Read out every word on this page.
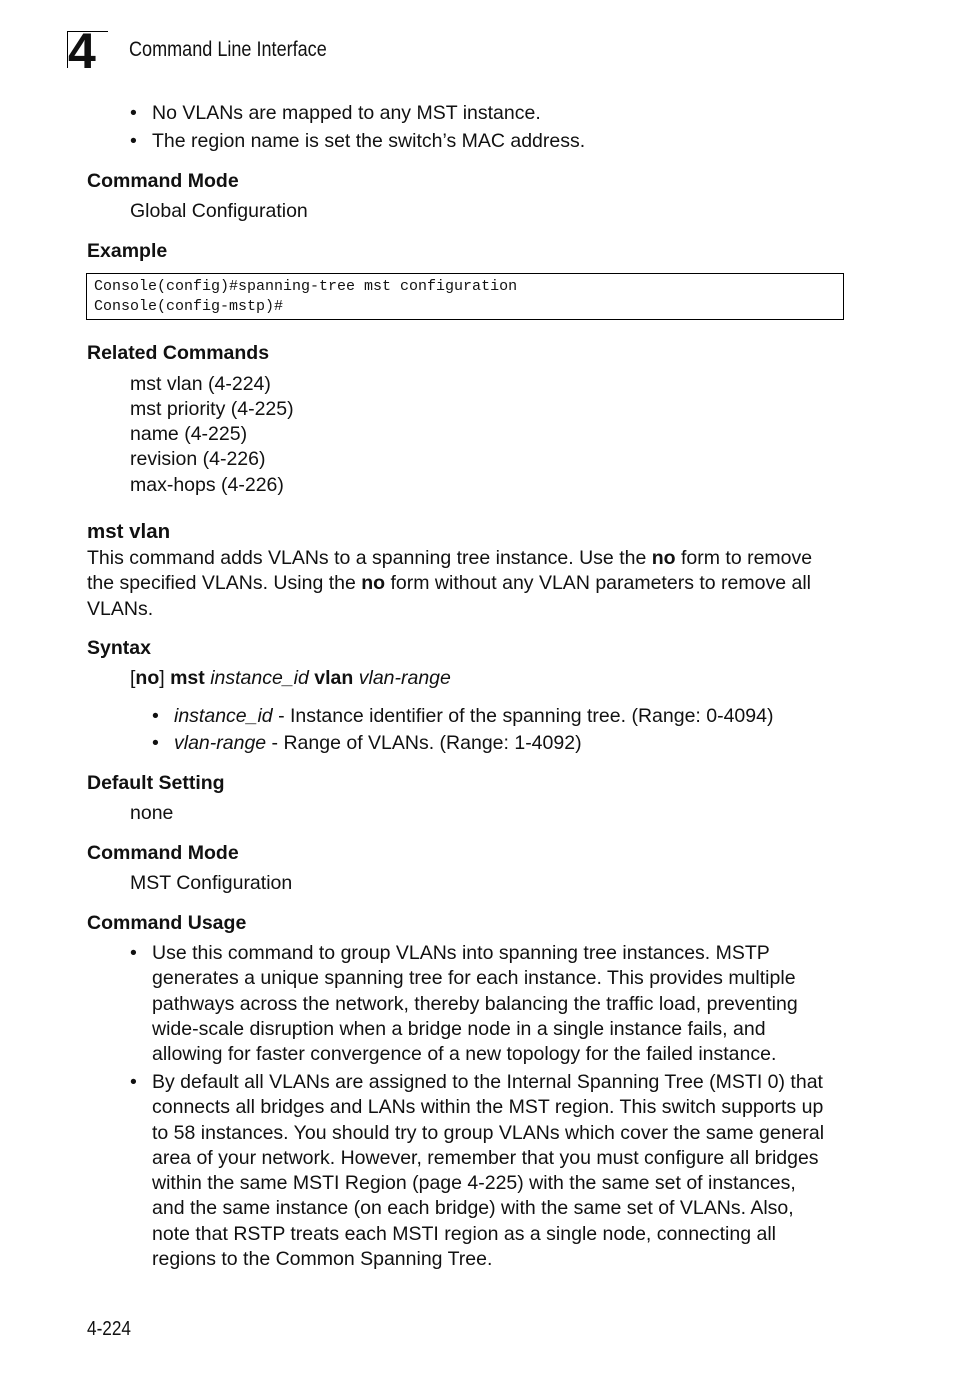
4 Command Line Interface
• No VLANs are mapped to any MST instance.
• The region name is set the switch’s MAC address.
Command Mode
Global Configuration
Example
Console(config)#spanning-tree mst configuration
Console(config-mstp)#
Related Commands
mst vlan (4-224)
mst priority (4-225)
name (4-225)
revision (4-226)
max-hops (4-226)
mst vlan
This command adds VLANs to a spanning tree instance. Use the no form to remove
the specified VLANs. Using the no form without any VLAN parameters to remove all
VLANs.
Syntax
[no] mst instance_id vlan vlan-range
• instance_id - Instance identifier of the spanning tree. (Range: 0-4094)
• vlan-range - Range of VLANs. (Range: 1-4092)
Default Setting
none
Command Mode
MST Configuration
Command Usage
• Use this command to group VLANs into spanning tree instances. MSTP
generates a unique spanning tree for each instance. This provides multiple
pathways across the network, thereby balancing the traffic load, preventing
wide-scale disruption when a bridge node in a single instance fails, and
allowing for faster convergence of a new topology for the failed instance.
• By default all VLANs are assigned to the Internal Spanning Tree (MSTI 0) that
connects all bridges and LANs within the MST region. This switch supports up
to 58 instances. You should try to group VLANs which cover the same general
area of your network. However, remember that you must configure all bridges
within the same MSTI Region (page 4-225) with the same set of instances,
and the same instance (on each bridge) with the same set of VLANs. Also,
note that RSTP treats each MSTI region as a single node, connecting all
regions to the Common Spanning Tree.
4-224
